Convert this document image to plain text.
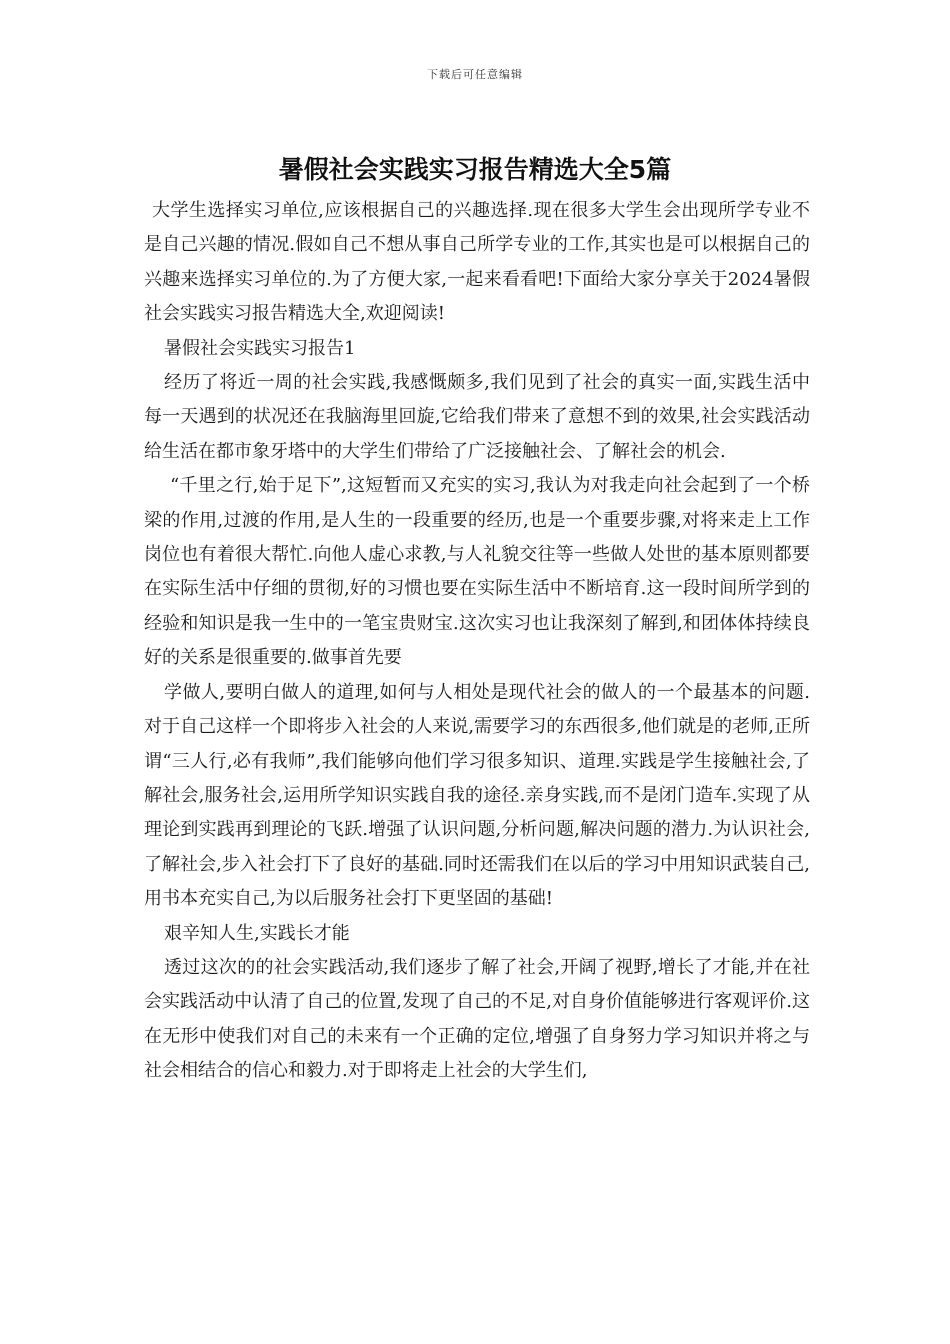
下载后可任意编辑
暑假社会实践实习报告精选大全5篇

大学生选择实习单位,应该根据自己的兴趣选择.现在很多大学生会出现所学专业不是自己兴趣的情况.假如自己不想从事自己所学专业的工作,其实也是可以根据自己的兴趣来选择实习单位的.为了方便大家,一起来看看吧!下面给大家分享关于2024暑假社会实践实习报告精选大全,欢迎阅读!

暑假社会实践实习报告1

经历了将近一周的社会实践,我感慨颇多,我们见到了社会的真实一面,实践生活中每一天遇到的状况还在我脑海里回旋,它给我们带来了意想不到的效果,社会实践活动给生活在都市象牙塔中的大学生们带给了广泛接触社会、了解社会的机会.

“千里之行,始于足下”,这短暂而又充实的实习,我认为对我走向社会起到了一个桥梁的作用,过渡的作用,是人生的一段重要的经历,也是一个重要步骤,对将来走上工作岗位也有着很大帮忙.向他人虚心求教,与人礼貌交往等一些做人处世的基本原则都要在实际生活中仔细的贯彻,好的习惯也要在实际生活中不断培育.这一段时间所学到的经验和知识是我一生中的一笔宝贵财宝.这次实习也让我深刻了解到,和团体体持续良好的关系是很重要的.做事首先要

学做人,要明白做人的道理,如何与人相处是现代社会的做人的一个最基本的问题.对于自己这样一个即将步入社会的人来说,需要学习的东西很多,他们就是的老师,正所谓“三人行,必有我师”,我们能够向他们学习很多知识、道理.实践是学生接触社会,了解社会,服务社会,运用所学知识实践自我的途径.亲身实践,而不是闭门造车.实现了从理论到实践再到理论的飞跃.增强了认识问题,分析问题,解决问题的潜力.为认识社会,了解社会,步入社会打下了良好的基础.同时还需我们在以后的学习中用知识武装自己,用书本充实自己,为以后服务社会打下更坚固的基础!

艰辛知人生,实践长才能

透过这次的的社会实践活动,我们逐步了解了社会,开阔了视野,增长了才能,并在社会实践活动中认清了自己的位置,发现了自己的不足,对自身价值能够进行客观评价.这在无形中使我们对自己的未来有一个正确的定位,增强了自身努力学习知识并将之与社会相结合的信心和毅力.对于即将走上社会的大学生们,
